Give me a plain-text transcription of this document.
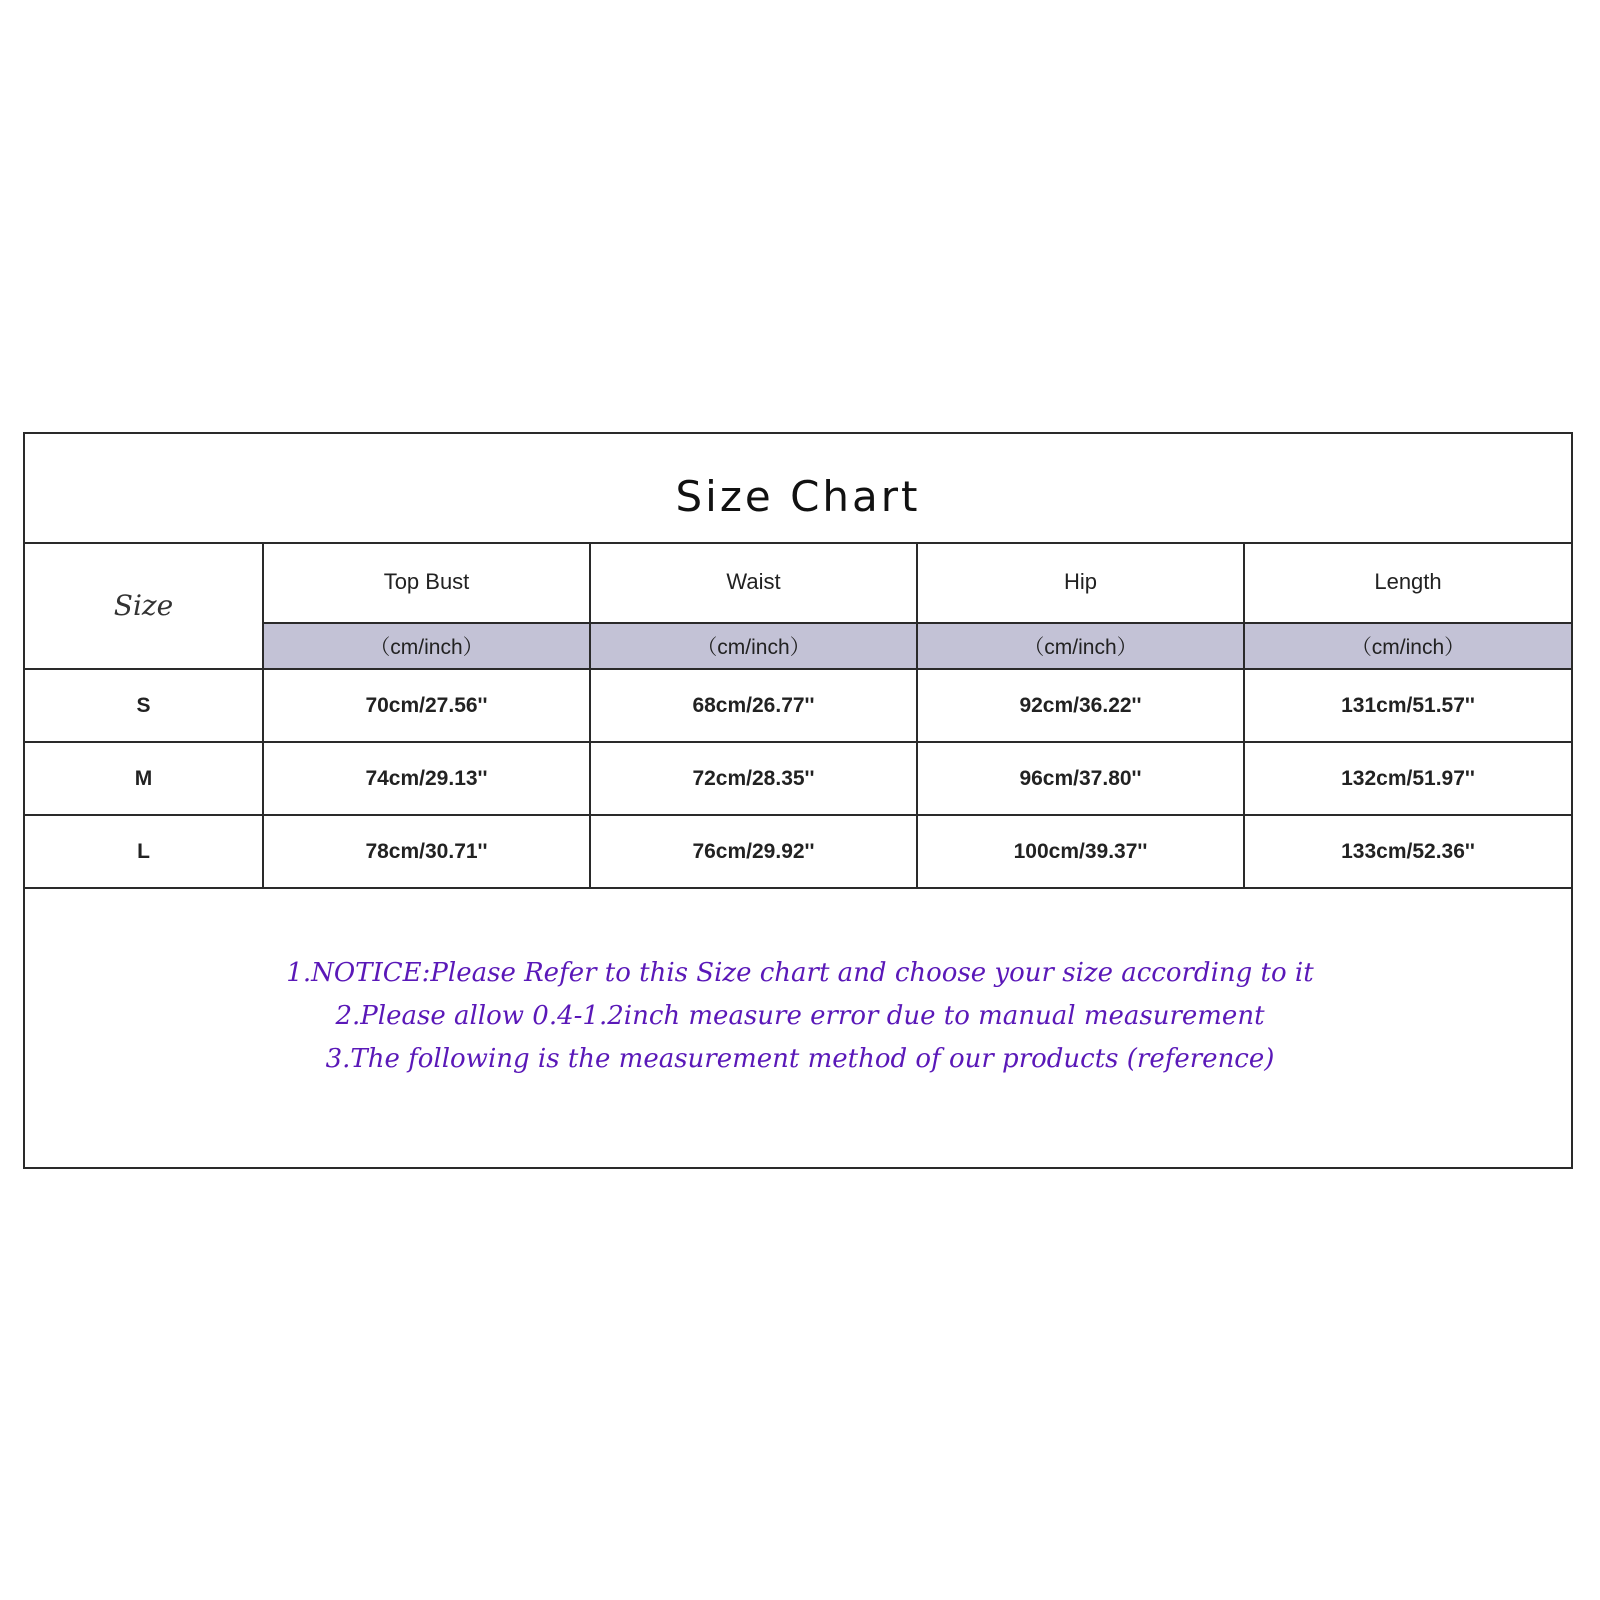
Size Chart
Size	Top Bust	Waist	Hip	Length
	（cm/inch）	（cm/inch）	（cm/inch）	（cm/inch）
S	70cm/27.56''	68cm/26.77''	92cm/36.22''	131cm/51.57''
M	74cm/29.13''	72cm/28.35''	96cm/37.80''	132cm/51.97''
L	78cm/30.71''	76cm/29.92''	100cm/39.37''	133cm/52.36''
1.NOTICE:Please Refer to this Size chart and choose your size according to it
2.Please allow 0.4-1.2inch measure error due to manual measurement
3.The following is the measurement method of our products (reference)
